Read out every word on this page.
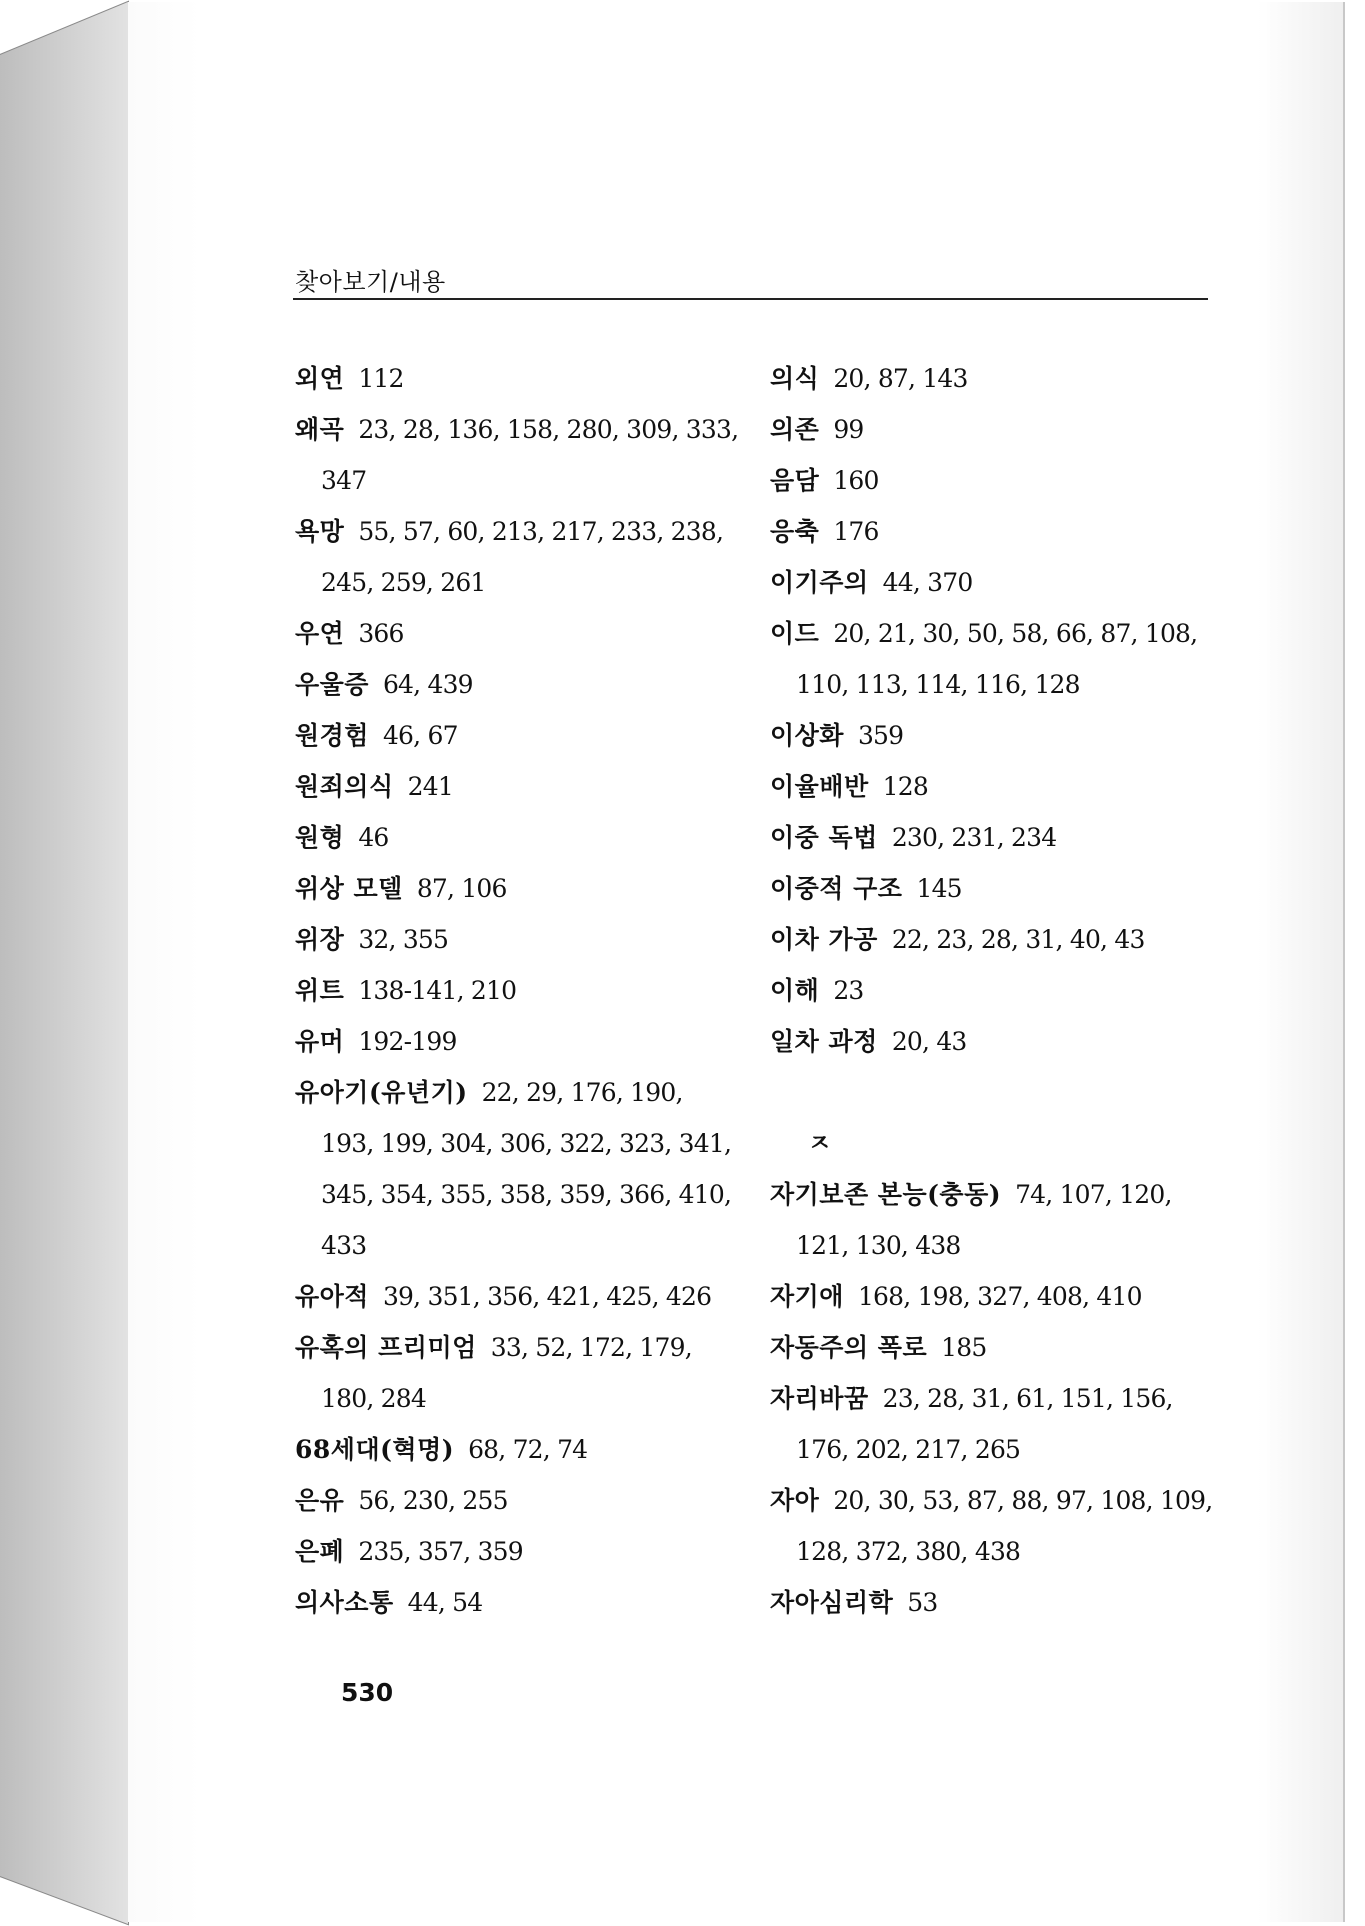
찾아보기/내용
외연 112
왜곡 23, 28, 136, 158, 280, 309, 333,
347
욕망 55, 57, 60, 213, 217, 233, 238,
245, 259, 261
우연 366
우울증 64, 439
원경험 46, 67
원죄의식 241
원형 46
위상 모델 87, 106
위장 32, 355
위트 138-141, 210
유머 192-199
유아기(유년기) 22, 29, 176, 190,
193, 199, 304, 306, 322, 323, 341,
345, 354, 355, 358, 359, 366, 410,
433
유아적 39, 351, 356, 421, 425, 426
유혹의 프리미엄 33, 52, 172, 179,
180, 284
68세대(혁명) 68, 72, 74
은유 56, 230, 255
은폐 235, 357, 359
의사소통 44, 54
의식 20, 87, 143
의존 99
음담 160
응축 176
이기주의 44, 370
이드 20, 21, 30, 50, 58, 66, 87, 108,
110, 113, 114, 116, 128
이상화 359
이율배반 128
이중 독법 230, 231, 234
이중적 구조 145
이차 가공 22, 23, 28, 31, 40, 43
이해 23
일차 과정 20, 43
ㅈ
자기보존 본능(충동) 74, 107, 120,
121, 130, 438
자기애 168, 198, 327, 408, 410
자동주의 폭로 185
자리바꿈 23, 28, 31, 61, 151, 156,
176, 202, 217, 265
자아 20, 30, 53, 87, 88, 97, 108, 109,
128, 372, 380, 438
자아심리학 53
530
